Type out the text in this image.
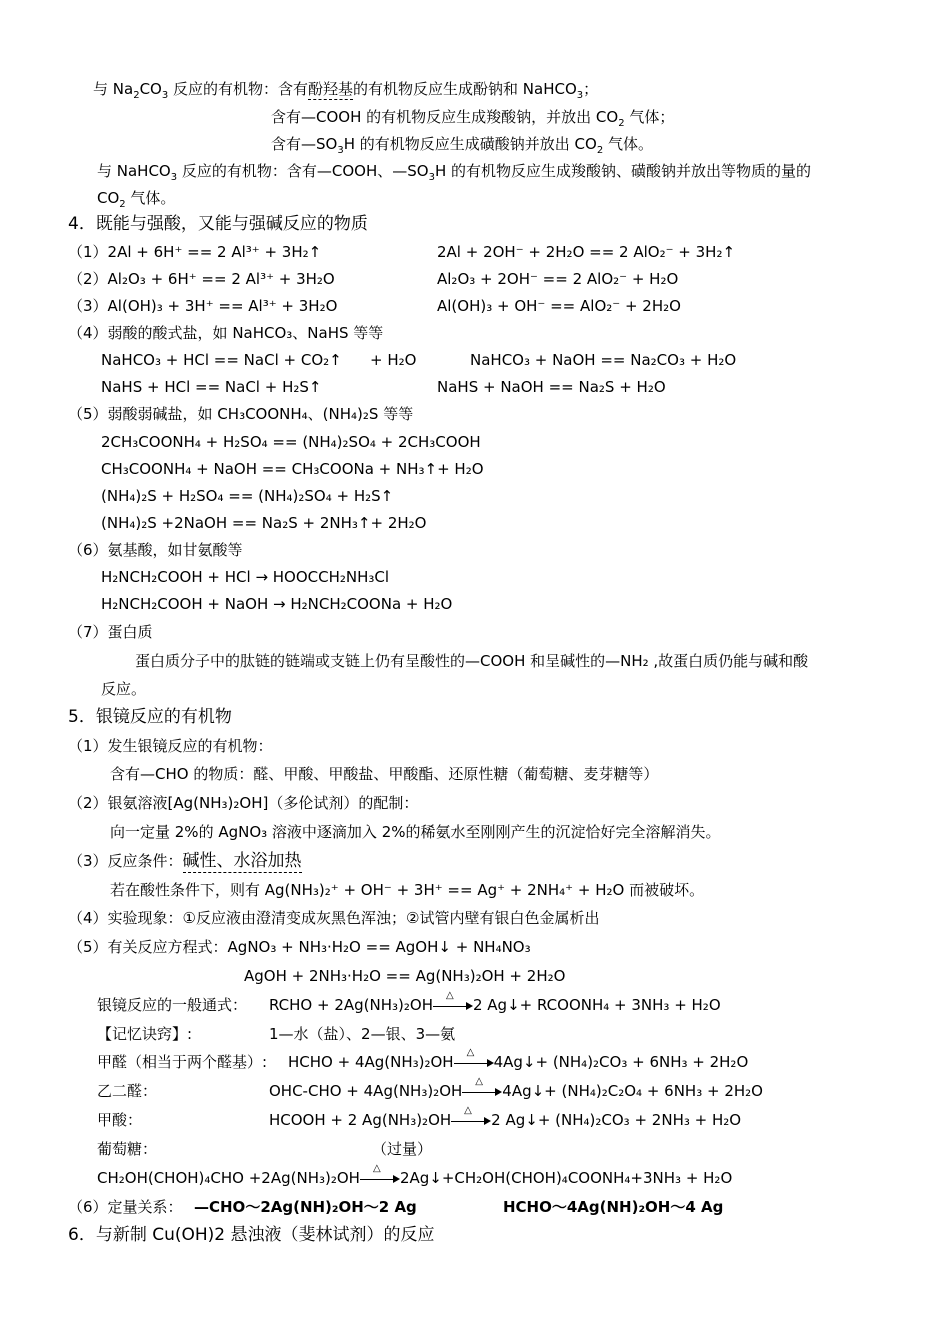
与 $Na_2CO_3$ 反应的有机物：含有酚羟基的有机物反应生成酚钠和 NaHCO$_3$；
含有—COOH 的有机物反应生成羧酸钠，并放出 $CO_2$ 气体；
含有$—SO_3H$ 的有机物反应生成磺酸钠并放出 $CO_2$ 气体。
与 NaHCO$_3$ 反应的有机物：含有—COOH、$—SO_3H$ 的有机物反应生成羧酸钠、磺酸钠并放出等物质的量的
$CO_2$ 气体。
4．既能与强酸，又能与强碱反应的物质
（1）2Al + 6H⁺ == 2 Al³⁺ + 3H₂↑	2Al + 2OH⁻ + 2H₂O == 2 AlO₂⁻ + 3H₂↑
（2）Al₂O₃ + 6H⁺ == 2 Al³⁺ + 3H₂O	Al₂O₃ + 2OH⁻ == 2 AlO₂⁻ + H₂O
（3）Al(OH)₃ + 3H⁺ == Al³⁺ + 3H₂O	Al(OH)₃ + OH⁻ == AlO₂⁻ + 2H₂O
（4）弱酸的酸式盐，如 NaHCO₃、NaHS 等等
NaHCO₃ + HCl == NaCl + CO₂↑ + H₂O	NaHCO₃ + NaOH == Na₂CO₃ + H₂O
NaHS + HCl == NaCl + H₂S↑	NaHS + NaOH == Na₂S + H₂O
（5）弱酸弱碱盐，如 CH₃COONH₄、(NH₄)₂S 等等
2CH₃COONH₄ + H₂SO₄ == (NH₄)₂SO₄ + 2CH₃COOH
CH₃COONH₄ + NaOH == CH₃COONa + NH₃↑+ H₂O
(NH₄)₂S + H₂SO₄ == (NH₄)₂SO₄ + H₂S↑
(NH₄)₂S +2NaOH == Na₂S + 2NH₃↑+ 2H₂O
（6）氨基酸，如甘氨酸等
H₂NCH₂COOH + HCl → HOOCCH₂NH₃Cl
H₂NCH₂COOH + NaOH → H₂NCH₂COONa + H₂O
（7）蛋白质
蛋白质分子中的肽链的链端或支链上仍有呈酸性的—COOH 和呈碱性的—NH₂ ,故蛋白质仍能与碱和酸
反应。
5．银镜反应的有机物
（1）发生银镜反应的有机物：
含有—CHO 的物质：醛、甲酸、甲酸盐、甲酸酯、还原性糖（葡萄糖、麦芽糖等）
（2）银氨溶液[Ag(NH₃)₂OH]（多伦试剂）的配制：
向一定量 2%的 AgNO₃ 溶液中逐滴加入 2%的稀氨水至刚刚产生的沉淀恰好完全溶解消失。
（3）反应条件：碱性、水浴加热
若在酸性条件下，则有 Ag(NH₃)₂⁺ + OH⁻ + 3H⁺ == Ag⁺ + 2NH₄⁺ + H₂O 而被破坏。
（4）实验现象：①反应液由澄清变成灰黑色浑浊；②试管内壁有银白色金属析出
（5）有关反应方程式：AgNO₃ + NH₃·H₂O == AgOH↓ + NH₄NO₃
AgOH + 2NH₃·H₂O == Ag(NH₃)₂OH + 2H₂O
银镜反应的一般通式： RCHO + 2Ag(NH₃)₂OH
△
2 Ag↓+ RCOONH₄ + 3NH₃ + H₂O
【记忆诀窍】:	1—水（盐）、2—银、3—氨
甲醛（相当于两个醛基）: HCHO + 4Ag(NH₃)₂OH
△
4Ag↓+ (NH₄)₂CO₃ + 6NH₃ + 2H₂O
乙二醛：	OHC-CHO + 4Ag(NH₃)₂OH
△
4Ag↓+ (NH₄)₂C₂O₄ + 6NH₃ + 2H₂O
甲酸：	HCOOH + 2 Ag(NH₃)₂OH
△
2 Ag↓+ (NH₄)₂CO₃ + 2NH₃ + H₂O
葡萄糖：	（过量）
CH₂OH(CHOH)₄CHO +2Ag(NH₃)₂OH
△
2Ag↓+CH₂OH(CHOH)₄COONH₄+3NH₃ + H₂O
（6）定量关系： —CHO～2Ag(NH)₂OH～2 Ag	HCHO～4Ag(NH)₂OH～4 Ag
6．与新制 Cu(OH)2 悬浊液（斐林试剂）的反应
